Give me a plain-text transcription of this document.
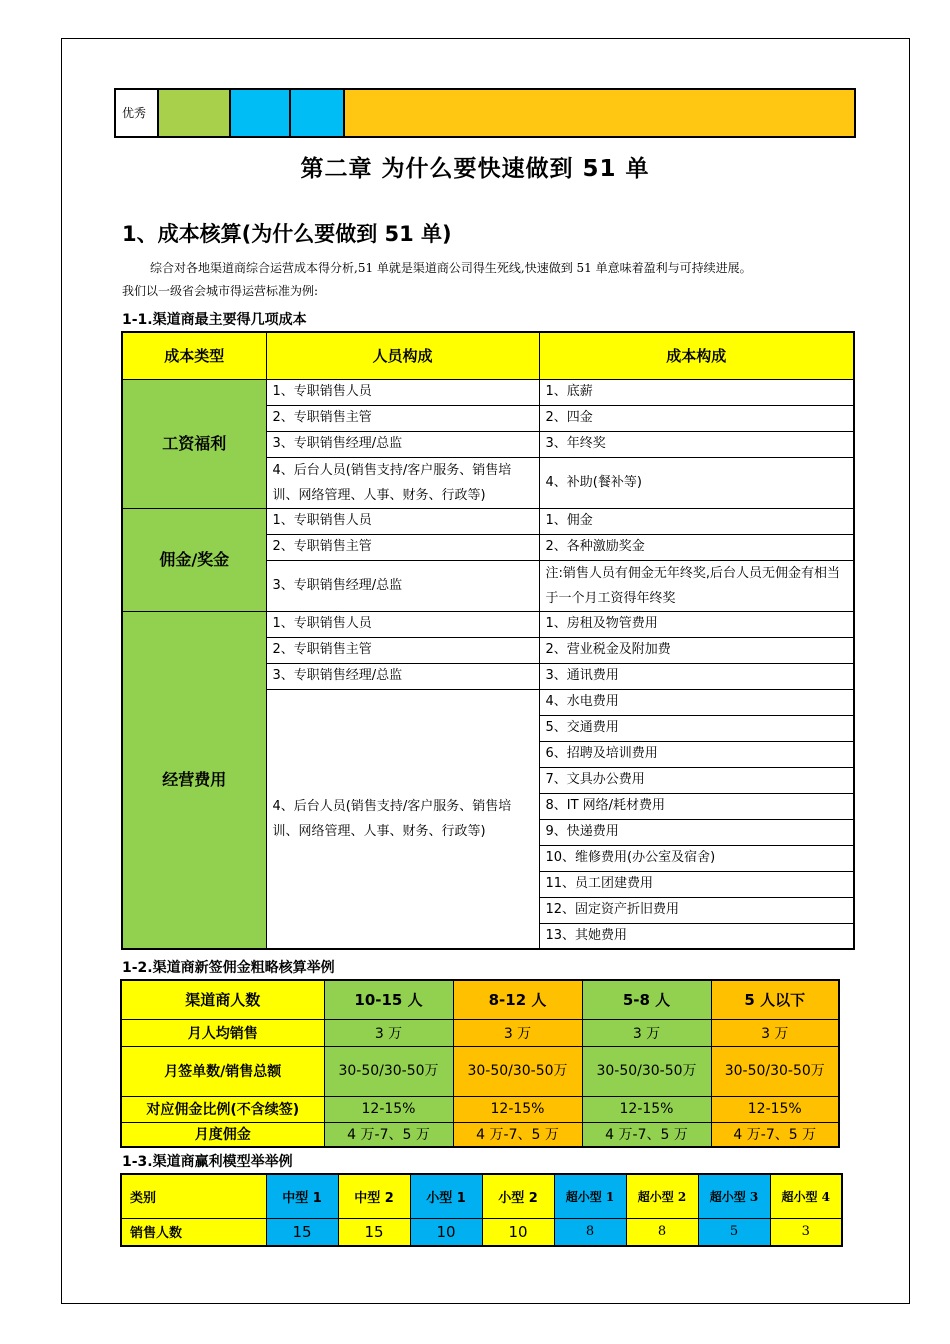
优秀				
第二章 为什么要快速做到 51 单
1、成本核算(为什么要做到 51 单)
综合对各地渠道商综合运营成本得分析,51 单就是渠道商公司得生死线,快速做到 51 单意味着盈利与可持续进展。
我们以一级省会城市得运营标准为例:
1-1.渠道商最主要得几项成本
成本类型	人员构成	成本构成
工资福利	1、专职销售人员	1、底薪
	2、专职销售主管	2、四金
	3、专职销售经理/总监	3、年终奖
	4、后台人员(销售支持/客户服务、销售培训、网络管理、人事、财务、行政等)	4、补助(餐补等)
佣金/奖金	1、专职销售人员	1、佣金
	2、专职销售主管	2、各种激励奖金
	3、专职销售经理/总监	注:销售人员有佣金无年终奖,后台人员无佣金有相当于一个月工资得年终奖
经营费用	1、专职销售人员	1、房租及物管费用
	2、专职销售主管	2、营业税金及附加费
	3、专职销售经理/总监	3、通讯费用
	4、后台人员(销售支持/客户服务、销售培训、网络管理、人事、财务、行政等)	4、水电费用
		5、交通费用
		6、招聘及培训费用
		7、文具办公费用
		8、IT 网络/耗材费用
		9、快递费用
		10、维修费用(办公室及宿舍)
		11、员工团建费用
		12、固定资产折旧费用
		13、其她费用
1-2.渠道商新签佣金粗略核算举例
渠道商人数	10-15 人	8-12 人	5-8 人	5 人以下
月人均销售	3 万	3 万	3 万	3 万
月签单数/销售总额	30-50/30-50万	30-50/30-50万	30-50/30-50万	30-50/30-50万
对应佣金比例(不含续签)	12-15%	12-15%	12-15%	12-15%
月度佣金	4 万-7、5 万	4 万-7、5 万	4 万-7、5 万	4 万-7、5 万
1-3.渠道商赢利模型举举例
类别	中型 1	中型 2	小型 1	小型 2	超小型 1	超小型 2	超小型 3	超小型 4
销售人数	15	15	10	10	8	8	5	3
